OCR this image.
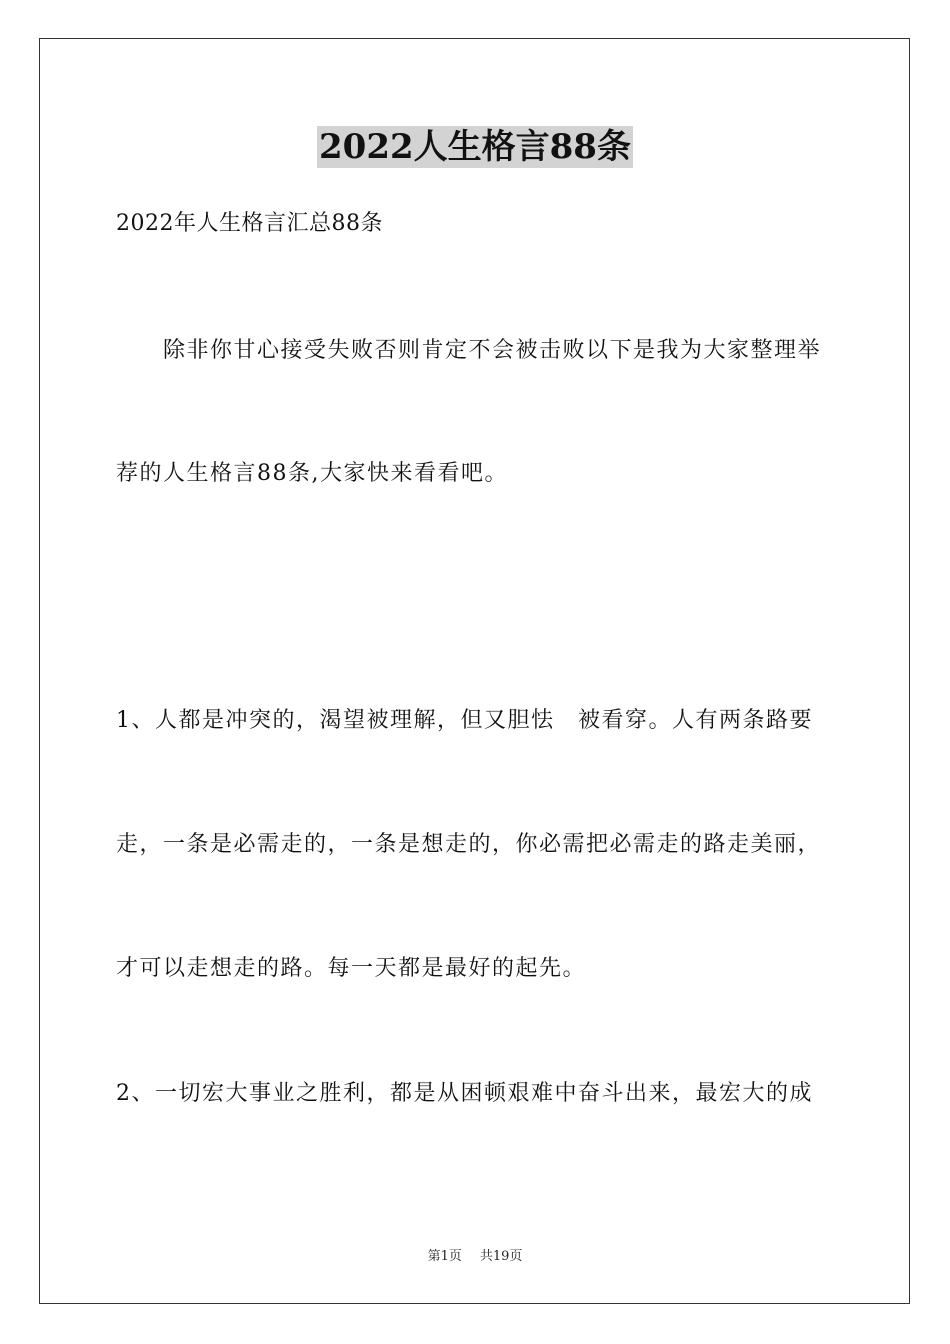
2022人生格言88条
2022年人生格言汇总88条
除非你甘心接受失败否则肯定不会被击败以下是我为大家整理举
荐的人生格言88条,大家快来看看吧。
1、人都是冲突的，渴望被理解，但又胆怯　被看穿。人有两条路要
走，一条是必需走的，一条是想走的，你必需把必需走的路走美丽，
才可以走想走的路。每一天都是最好的起先。
2、一切宏大事业之胜利，都是从困顿艰难中奋斗出来，最宏大的成
第1页 共19页
